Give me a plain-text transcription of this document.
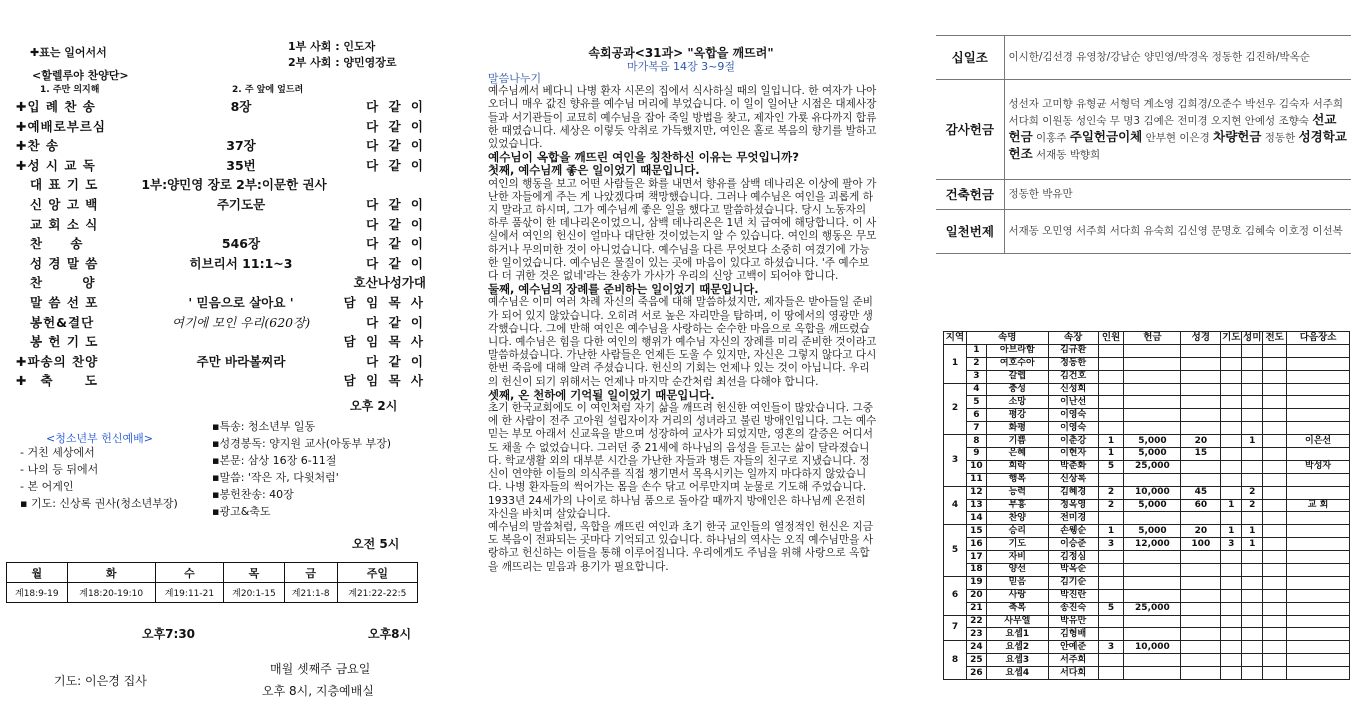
✚표는 일어서서	1부 사회 : 인도자
2부 사회 : 양민영장로
<할렐루야 찬양단>
1. 주만 의지해	2. 주 앞에 엎드려
✚입 례 찬 송	8장	다 같 이
✚예배로부르심	다 같 이
✚찬 송	37장	다 같 이
✚성 시 교 독	35번	다 같 이
대 표 기 도	1부:양민영 장로 2부:이문한 권사
신 앙 고 백	주기도문	다 같 이
교 회 소 식	다 같 이
찬 송	546장	다 같 이
성 경 말 씀	히브리서 11:1~3	다 같 이
찬 양	호산나성가대
말 씀 선 포	' 믿음으로 살아요 '	담 임 목 사
봉헌&결단	여기에 모인 우리(620장)	다 같 이
봉 헌 기 도	담 임 목 사
✚파송의 찬양	주만 바라볼찌라	다 같 이
✚축 도	담 임 목 사
오후 2시
<청소년부 헌신예배>
- 거친 세상에서
- 나의 등 뒤에서
- 본 어게인
▪ 기도: 신상록 권사(청소년부장)
▪특송: 청소년부 일동
▪성경봉독: 양지원 교사(아동부 부장)
▪본문: 삼상 16장 6-11절
▪말씀: '작은 자, 다윗처럼'
▪봉헌찬송: 40장
▪광고&축도
오전 5시
월	화	수	목	금	주일
계18:9-19	계18:20-19:10	계19:11-21	계20:1-15	계21:1-8	계21:22-22:5
오후7:30	오후8시
매월 셋째주 금요일
기도: 이은경 집사
오후 8시, 지층예배실
속회공과<31과> "옥합을 깨뜨려"
마가복음 14장 3~9절

말씀나누기

예수님께서 베다니 나병 환자 시몬의 집에서 식사하실 때의 일입니다. 한 여자가 나아오더니 매우 값진 향유를 예수님 머리에 부었습니다. 이 일이 일어난 시점은 대제사장들과 서기관들이 교묘히 예수님을 잡아 죽일 방법을 찾고, 제자인 가룟 유다까지 합류한 때였습니다. 세상은 이렇듯 악취로 가득했지만, 여인은 홀로 복음의 향기를 발하고 있었습니다.

예수님이 옥합을 깨뜨린 여인을 칭찬하신 이유는 무엇입니까?

첫째, 예수님께 좋은 일이었기 때문입니다.

여인의 행동을 보고 어떤 사람들은 화를 내면서 향유를 삼백 데나리온 이상에 팔아 가난한 자들에게 주는 게 나았겠다며 책망했습니다. 그러나 예수님은 여인을 괴롭게 하지 말라고 하시며, 그가 예수님께 좋은 일을 했다고 말씀하셨습니다. 당시 노동자의 하루 품삯이 한 데나리온이었으니, 삼백 데나리온은 1년 치 급여에 해당합니다. 이 사실에서 여인의 헌신이 얼마나 대단한 것이었는지 알 수 있습니다. 여인의 행동은 무모하거나 무의미한 것이 아니었습니다. 예수님을 다른 무엇보다 소중히 여겼기에 가능한 일이었습니다. 예수님은 물질이 있는 곳에 마음이 있다고 하셨습니다. '주 예수보다 더 귀한 것은 없네'라는 찬송가 가사가 우리의 신앙 고백이 되어야 합니다.

둘째, 예수님의 장례를 준비하는 일이었기 때문입니다.

예수님은 이미 여러 차례 자신의 죽음에 대해 말씀하셨지만, 제자들은 받아들일 준비가 되어 있지 않았습니다. 오히려 서로 높은 자리만을 탐하며, 이 땅에서의 영광만 생각했습니다. 그에 반해 여인은 예수님을 사랑하는 순수한 마음으로 옥합을 깨뜨렸습니다. 예수님은 힘을 다한 여인의 행위가 예수님 자신의 장례를 미리 준비한 것이라고 말씀하셨습니다. 가난한 사람들은 언제든 도울 수 있지만, 자신은 그렇지 않다고 다시 한번 죽음에 대해 알려 주셨습니다. 헌신의 기회는 언제나 있는 것이 아닙니다. 우리의 헌신이 되기 위해서는 언제나 마지막 순간처럼 최선을 다해야 합니다.

셋째, 온 천하에 기억될 일이었기 때문입니다.

초기 한국교회에도 이 여인처럼 자기 삶을 깨뜨려 헌신한 여인들이 많았습니다. 그중에 한 사람이 전주 고아원 설립자이자 거리의 성녀라고 불린 방애인입니다. 그는 예수 믿는 부모 아래서 신교육을 받으며 성장하여 교사가 되었지만, 영혼의 갈증은 어디서도 채울 수 없었습니다. 그러던 중 21세에 하나님의 음성을 듣고는 삶이 달라졌습니다. 학교생활 외의 대부분 시간을 가난한 자들과 병든 자들의 친구로 지냈습니다. 정신이 연약한 이들의 의식주를 직접 챙기면서 목욕시키는 일까지 마다하지 않았습니다. 나병 환자들의 썩어가는 몸을 손수 닦고 어루만지며 눈물로 기도해 주었습니다. 1933년 24세가의 나이로 하나님 품으로 돌아갈 때까지 방애인은 하나님께 온전히 자신을 바치며 살았습니다.

예수님의 말씀처럼, 옥합을 깨뜨린 여인과 초기 한국 교인들의 열정적인 헌신은 지금도 복음이 전파되는 곳마다 기억되고 있습니다. 하나님의 역사는 오직 예수님만을 사랑하고 헌신하는 이들을 통해 이루어집니다. 우리에게도 주님을 위해 사랑으로 옥합을 깨뜨리는 믿음과 용기가 필요합니다.

십일조	이시한/김선경 유영창/강남순 양민영/박경옥 정동한 김진하/박옥순
감사헌금	성선자 고미향 유형균 서형덕 계소영 김희경/오준수 박선우 김숙자 서주희 서다희 이원동 성인숙 무 명3 김예은 전미경 오지현 안예성 조향숙 선교헌금 이홍주 주일헌금이체 안부현 이은경 차량헌금 정동한 성경학교헌조 서재동 박향희
건축헌금	정동한 박유만
일천번제	서재동 오민영 서주희 서다희 유숙희 김신영 문명호 김혜숙 이호정 이선복
지역	속명		속장	인원	헌금	성경	기도	성미	전도	다음장소
1	1	아브라함	김규환							
	2	여호수아	정동한							
	3	갈렙	김건호							
2	4	충성	신성희							
	5	소망	이난선							
	6	평강	이영숙							
	7	화평	이영숙							
3	8	기쁨	이춘강	1	5,000	20		1		이은선
	9	은혜	이현자	1	5,000	15				
	10	희락	박춘화	5	25,000					박성자
	11	행복	신상록							
4	12	능력	김혜경	2	10,000	45		2		
	13	부흥	정옥영	2	5,000	60	1	2		교 회
	14	찬양	전미경							
5	15	승리	손웽순	1	5,000	20	1	1		
	16	기도	이승준	3	12,000	100	3	1		
	17	자비	김정심							
	18	양선	박옥순							
6	19	믿음	김기순							
	20	사랑	박진란							
	21	축복	송진숙	5	25,000					
7	22	사무엘	박유만							
	23	요셉1	김형배							
8	24	요셉2	안예준	3	10,000					
	25	요셉3	서주희							
	26	요셉4	서다희							
